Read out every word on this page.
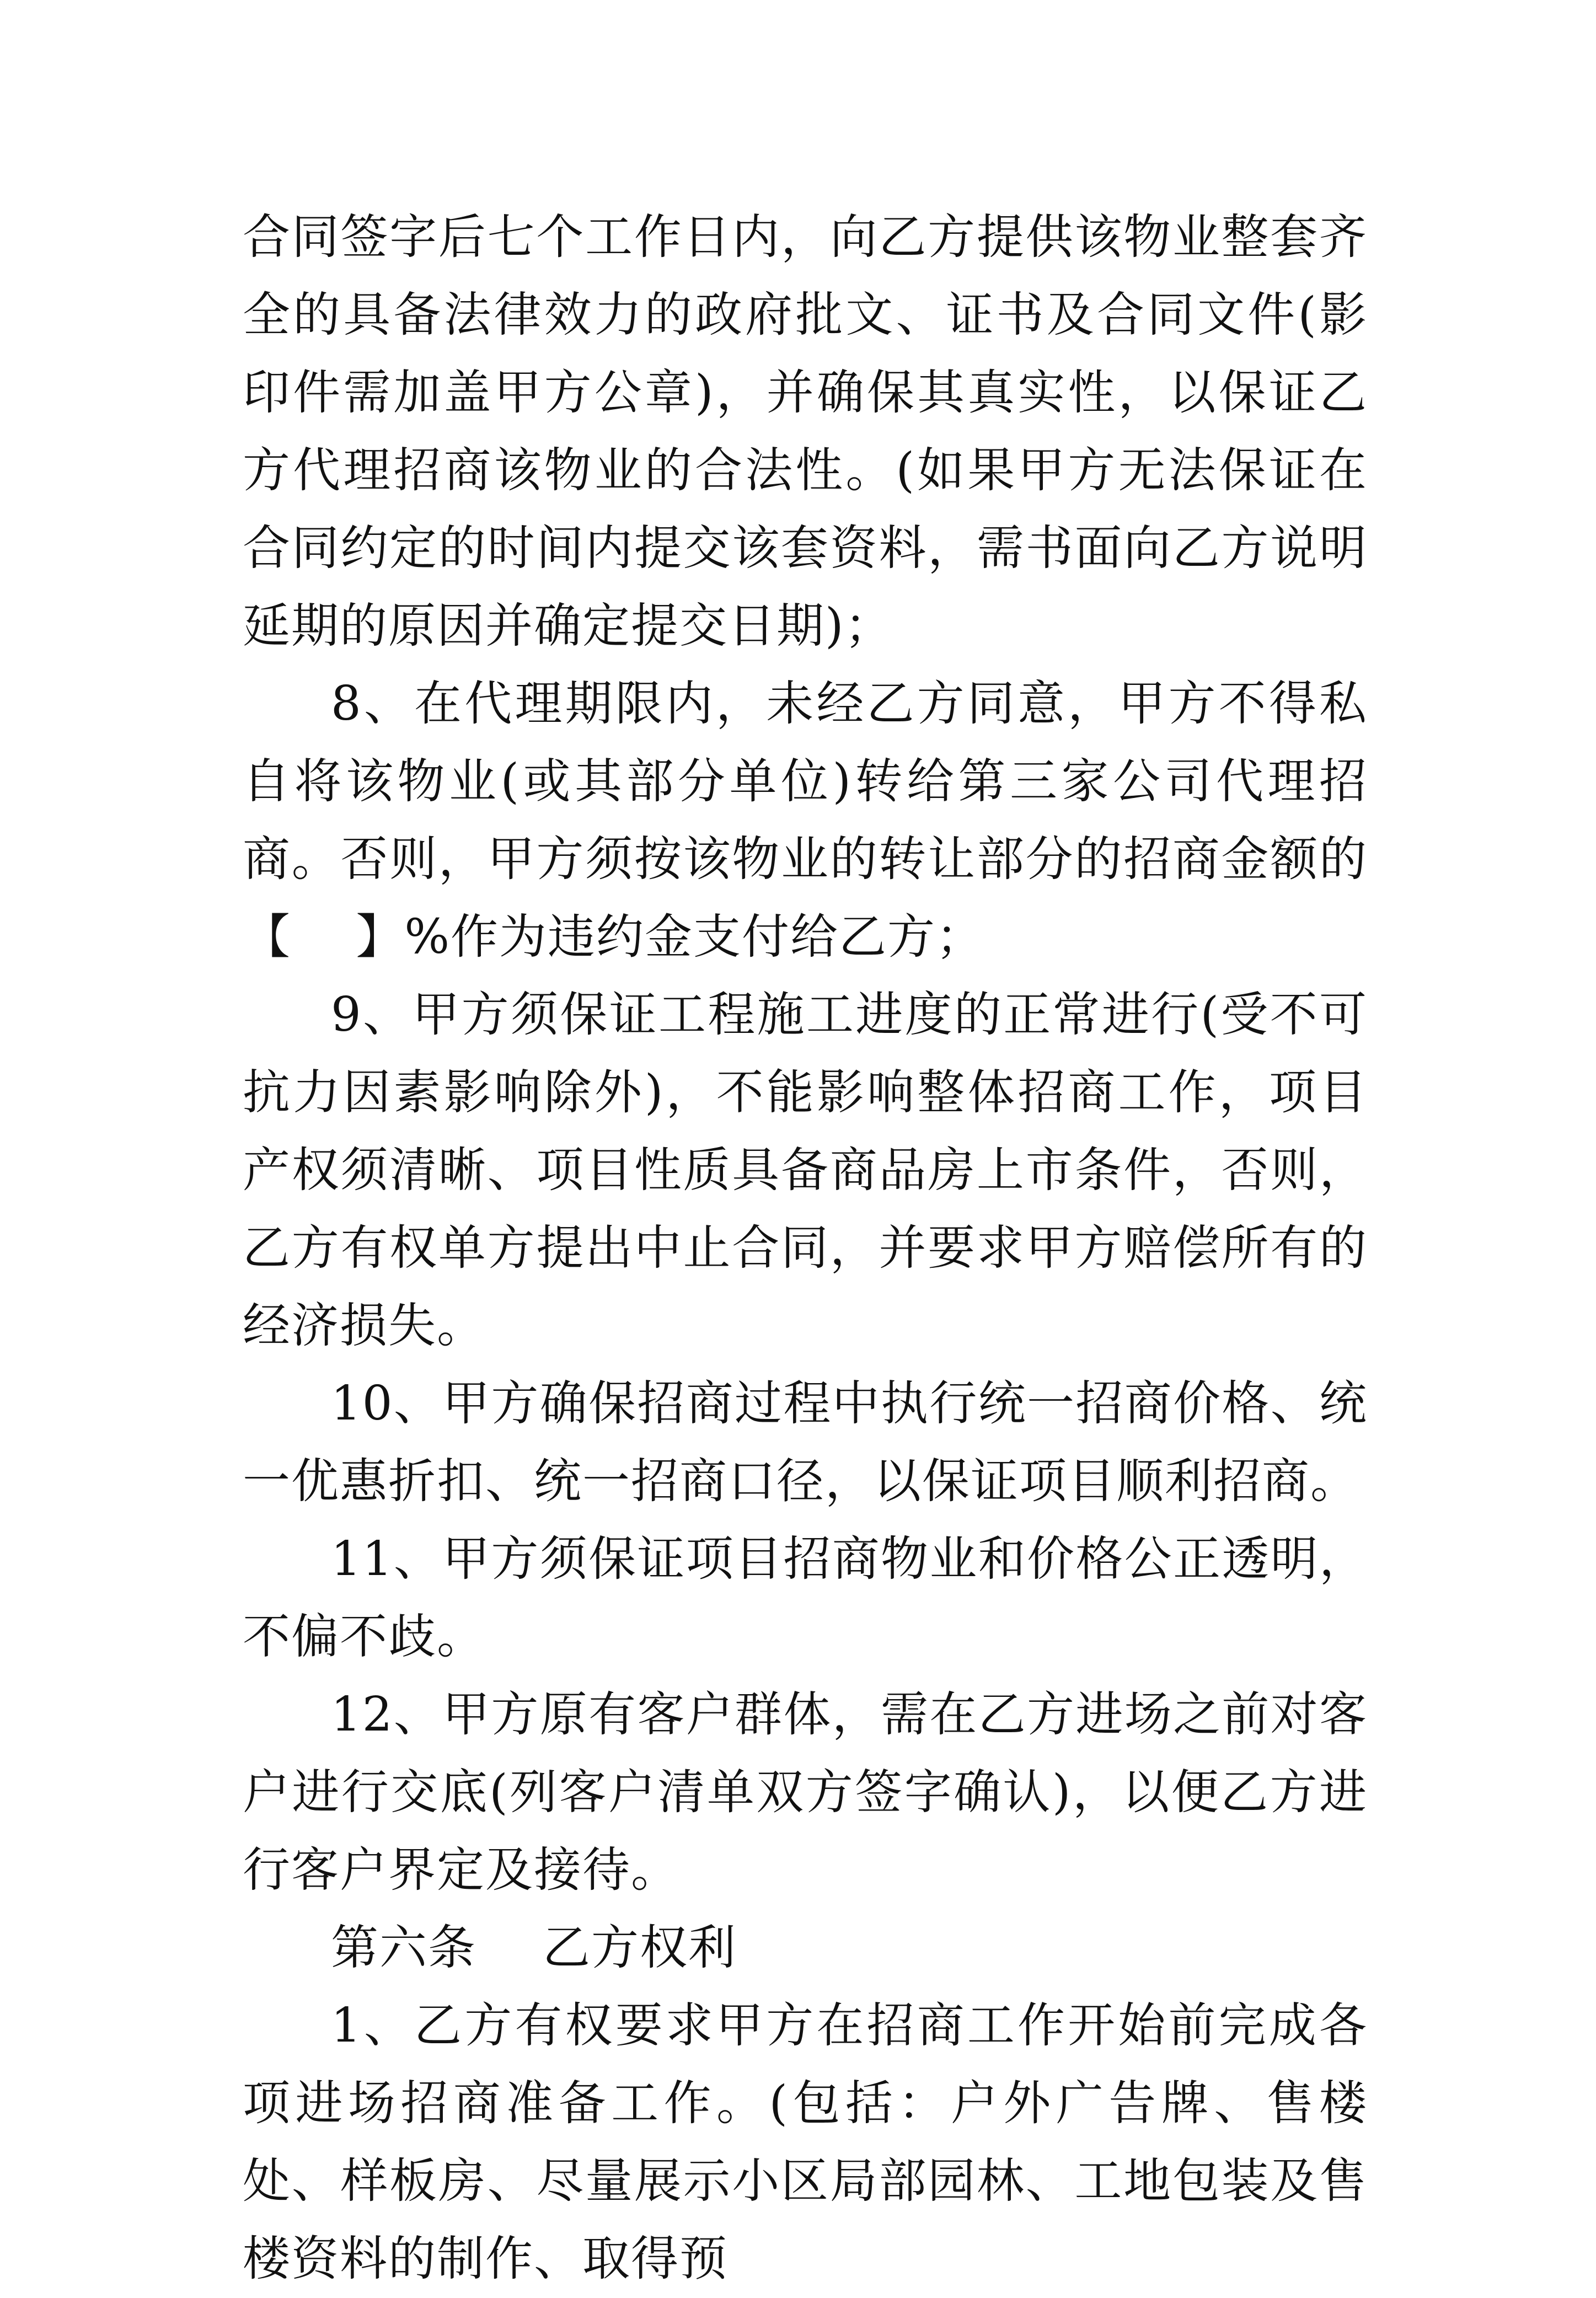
合同签字后七个工作日内，向乙方提供该物业整套齐全的具备法律效力的政府批文、证书及合同文件(影印件需加盖甲方公章)，并确保其真实性，以保证乙方代理招商该物业的合法性。(如果甲方无法保证在合同约定的时间内提交该套资料，需书面向乙方说明延期的原因并确定提交日期)；

8、在代理期限内，未经乙方同意，甲方不得私自将该物业(或其部分单位)转给第三家公司代理招商。否则，甲方须按该物业的转让部分的招商金额的【　 】%作为违约金支付给乙方；

9、甲方须保证工程施工进度的正常进行(受不可抗力因素影响除外)，不能影响整体招商工作，项目产权须清晰、项目性质具备商品房上市条件，否则，乙方有权单方提出中止合同，并要求甲方赔偿所有的经济损失。

10、甲方确保招商过程中执行统一招商价格、统一优惠折扣、统一招商口径，以保证项目顺利招商。

11、甲方须保证项目招商物业和价格公正透明，不偏不歧。

12、甲方原有客户群体，需在乙方进场之前对客户进行交底(列客户清单双方签字确认)，以便乙方进行客户界定及接待。

第六条 乙方权利

1、乙方有权要求甲方在招商工作开始前完成各项进场招商准备工作。(包括：户外广告牌、售楼处、样板房、尽量展示小区局部园林、工地包装及售楼资料的制作、取得预
